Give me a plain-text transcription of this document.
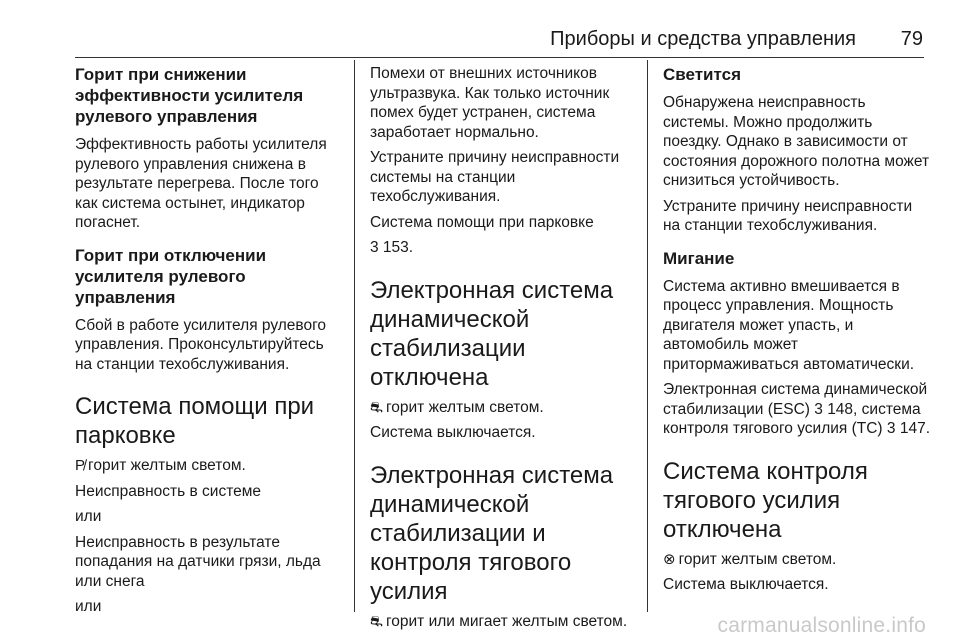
Приборы и средства управления 79
Горит при снижении эффективности усилителя рулевого управления

Эффективность работы усилителя рулевого управления снижена в результате перегрева. После того как система остынет, индикатор погаснет.

Горит при отключении усилителя рулевого управления

Сбой в работе усилителя рулевого управления. Проконсультируйтесь на станции техобслуживания.

Система помощи при парковке

P̸ горит желтым светом.

Неисправность в системе

или

Неисправность в результате попадания на датчики грязи, льда или снега

или

Помехи от внешних источников ультразвука. Как только источник помех будет устранен, система заработает нормально.

Устраните причину неисправности системы на станции техобслуживания.

Система помощи при парковке

3 153.

Электронная система динамической стабилизации отключена

⛐ горит желтым светом.

Система выключается.

Электронная система динамической стабилизации и контроля тягового усилия

⛐ горит или мигает желтым светом.

Светится

Обнаружена неисправность системы. Можно продолжить поездку. Однако в зависимости от состояния дорожного полотна может снизиться устойчивость.

Устраните причину неисправности на станции техобслуживания.

Мигание

Система активно вмешивается в процесс управления. Мощность двигателя может упасть, и автомобиль может притормаживаться автоматически.

Электронная система динамической стабилизации (ESC) 3 148, система контроля тягового усилия (TC) 3 147.

Система контроля тягового усилия отключена

⊗ горит желтым светом.

Система выключается.

carmanualsonline.info
